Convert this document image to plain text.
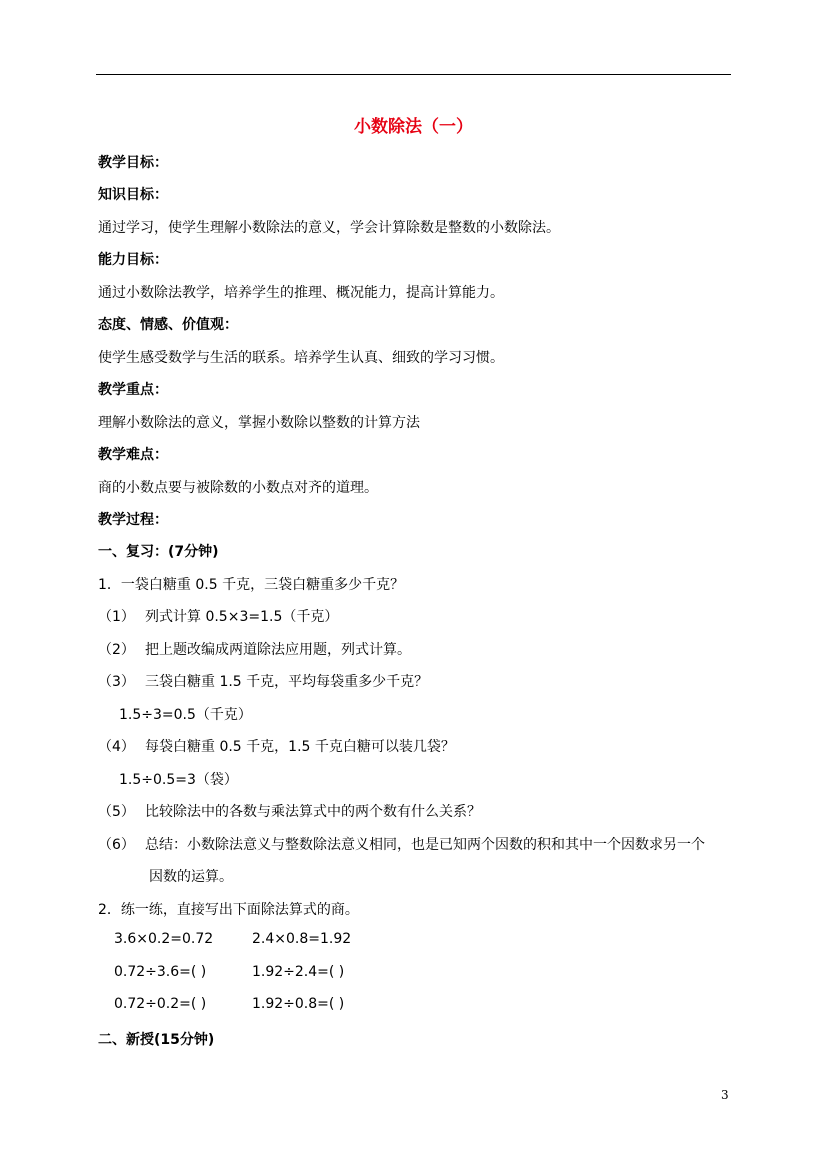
小数除法（一）
教学目标：
知识目标：
通过学习，使学生理解小数除法的意义，学会计算除数是整数的小数除法。
能力目标：
通过小数除法教学，培养学生的推理、概况能力，提高计算能力。
态度、情感、价值观：
使学生感受数学与生活的联系。培养学生认真、细致的学习习惯。
教学重点：
理解小数除法的意义，掌握小数除以整数的计算方法
教学难点：
商的小数点要与被除数的小数点对齐的道理。
教学过程：
一、复习：(7分钟)
1．一袋白糖重 0.5 千克，三袋白糖重多少千克？
（1） 列式计算 0.5×3=1.5（千克）
（2） 把上题改编成两道除法应用题，列式计算。
（3） 三袋白糖重 1.5 千克，平均每袋重多少千克？
1.5÷3=0.5（千克）
（4） 每袋白糖重 0.5 千克，1.5 千克白糖可以装几袋？
1.5÷0.5=3（袋）
（5） 比较除法中的各数与乘法算式中的两个数有什么关系？
（6） 总结：小数除法意义与整数除法意义相同，也是已知两个因数的积和其中一个因数求另一个
因数的运算。
2．练一练，直接写出下面除法算式的商。
3.6×0.2=0.72	2.4×0.8=1.92
0.72÷3.6=( )	1.92÷2.4=( )
0.72÷0.2=( )	1.92÷0.8=( )
二、新授(15分钟)
3
